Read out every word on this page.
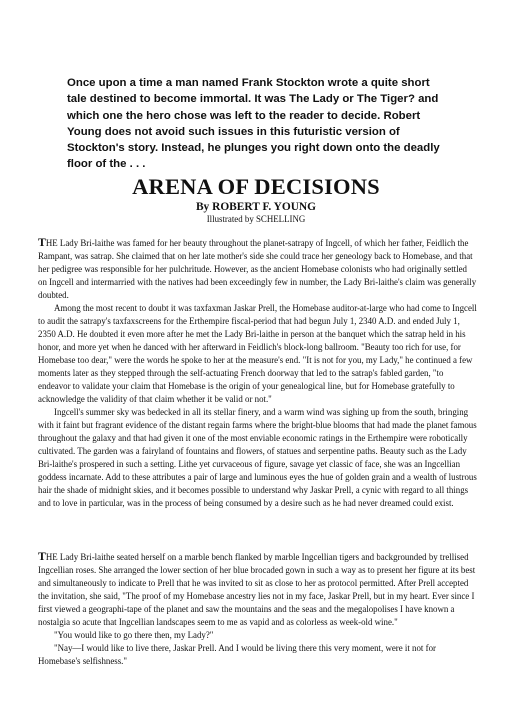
Once upon a time a man named Frank Stockton wrote a quite short tale destined to become immortal. It was The Lady or The Tiger? and which one the hero chose was left to the reader to decide. Robert Young does not avoid such issues in this futuristic version of Stockton's story. Instead, he plunges you right down onto the deadly floor of the . . .

ARENA OF DECISIONS
By ROBERT F. YOUNG
Illustrated by SCHELLING

THE Lady Bri-laithe was famed for her beauty throughout the planet-satrapy of Ingcell, of which her father, Feidlich the Rampant, was satrap. She claimed that on her late mother's side she could trace her geneology back to Homebase, and that her pedigree was responsible for her pulchritude. However, as the ancient Homebase colonists who had originally settled on Ingcell and intermarried with the natives had been exceedingly few in number, the Lady Bri-laithe's claim was generally doubted.

Among the most recent to doubt it was taxfaxman Jaskar Prell, the Homebase auditor-at-large who had come to Ingcell to audit the satrapy's taxfaxscreens for the Erthempire fiscal-period that had begun July 1, 2340 A.D. and ended July 1, 2350 A.D. He doubted it even more after he met the Lady Bri-laithe in person at the banquet which the satrap held in his honor, and more yet when he danced with her afterward in Feidlich's block-long ballroom. "Beauty too rich for use, for Homebase too dear," were the words he spoke to her at the measure's end. "It is not for you, my Lady," he continued a few moments later as they stepped through the self-actuating French doorway that led to the satrap's fabled garden, "to endeavor to validate your claim that Homebase is the origin of your genealogical line, but for Homebase gratefully to acknowledge the validity of that claim whether it be valid or not."

Ingcell's summer sky was bedecked in all its stellar finery, and a warm wind was sighing up from the south, bringing with it faint but fragrant evidence of the distant regain farms where the bright-blue blooms that had made the planet famous throughout the galaxy and that had given it one of the most enviable economic ratings in the Erthempire were robotically cultivated. The garden was a fairyland of fountains and flowers, of statues and serpentine paths. Beauty such as the Lady Bri-laithe's prospered in such a setting. Lithe yet curvaceous of figure, savage yet classic of face, she was an Ingcellian goddess incarnate. Add to these attributes a pair of large and luminous eyes the hue of golden grain and a wealth of lustrous hair the shade of midnight skies, and it becomes possible to understand why Jaskar Prell, a cynic with regard to all things and to love in particular, was in the process of being consumed by a desire such as he had never dreamed could exist.

THE Lady Bri-laithe seated herself on a marble bench flanked by marble Ingcellian tigers and backgrounded by trellised Ingcellian roses. She arranged the lower section of her blue brocaded gown in such a way as to present her figure at its best and simultaneously to indicate to Prell that he was invited to sit as close to her as protocol permitted. After Prell accepted the invitation, she said, "The proof of my Homebase ancestry lies not in my face, Jaskar Prell, but in my heart. Ever since I first viewed a geographi-tape of the planet and saw the mountains and the seas and the megalopolises I have known a nostalgia so acute that Ingcellian landscapes seem to me as vapid and as colorless as week-old wine."

"You would like to go there then, my Lady?"

"Nay—I would like to live there, Jaskar Prell. And I would be living there this very moment, were it not for Homebase's selfishness."
